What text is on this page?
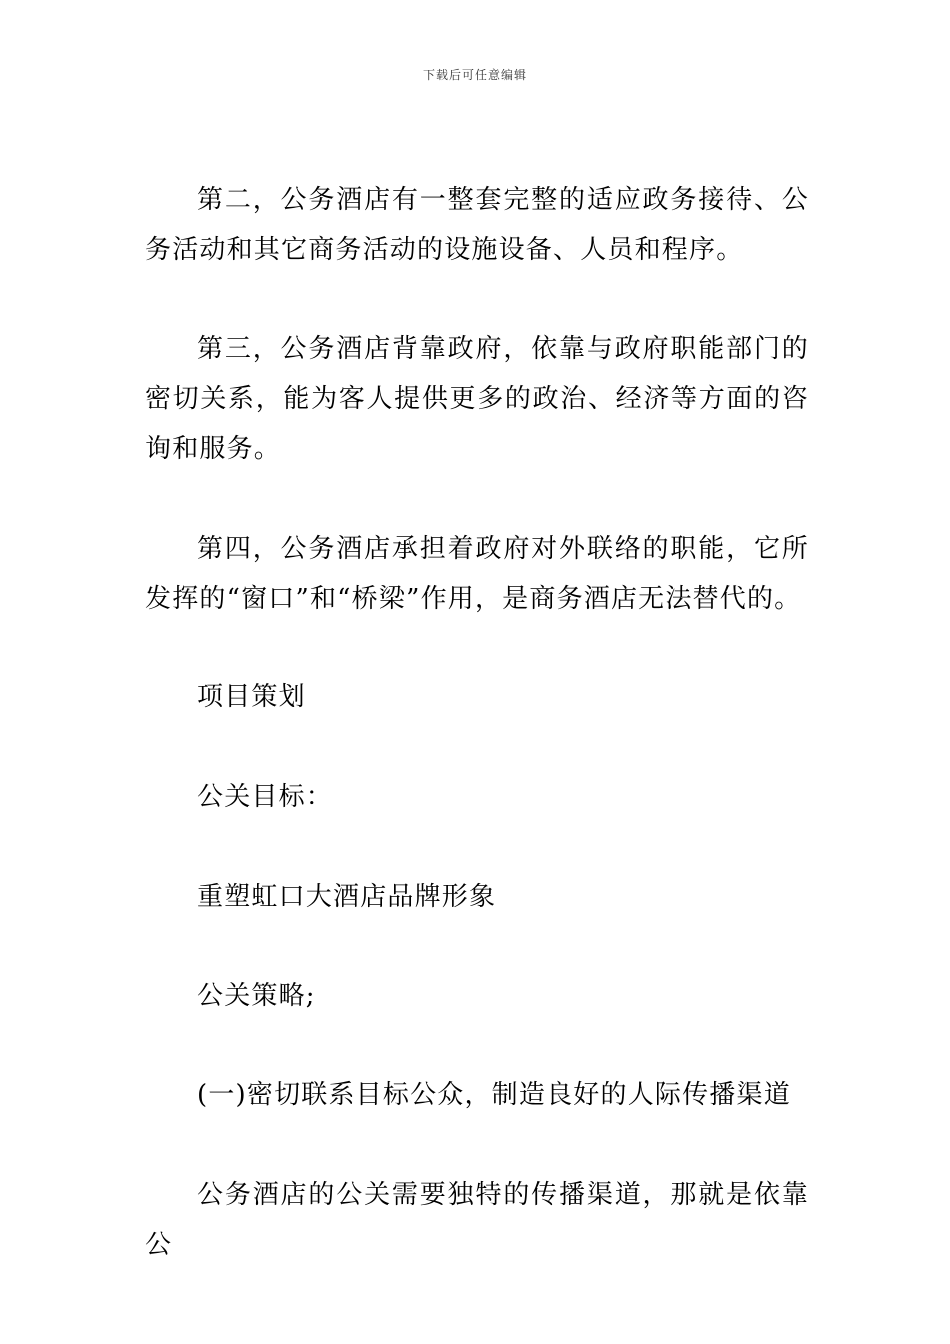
下载后可任意编辑

第二，公务酒店有一整套完整的适应政务接待、公务活动和其它商务活动的设施设备、人员和程序。

第三，公务酒店背靠政府，依靠与政府职能部门的密切关系，能为客人提供更多的政治、经济等方面的咨询和服务。

第四，公务酒店承担着政府对外联络的职能，它所发挥的“窗口”和“桥梁”作用，是商务酒店无法替代的。

项目策划

公关目标：

重塑虹口大酒店品牌形象

公关策略;

(一)密切联系目标公众，制造良好的人际传播渠道

公务酒店的公关需要独特的传播渠道，那就是依靠公
